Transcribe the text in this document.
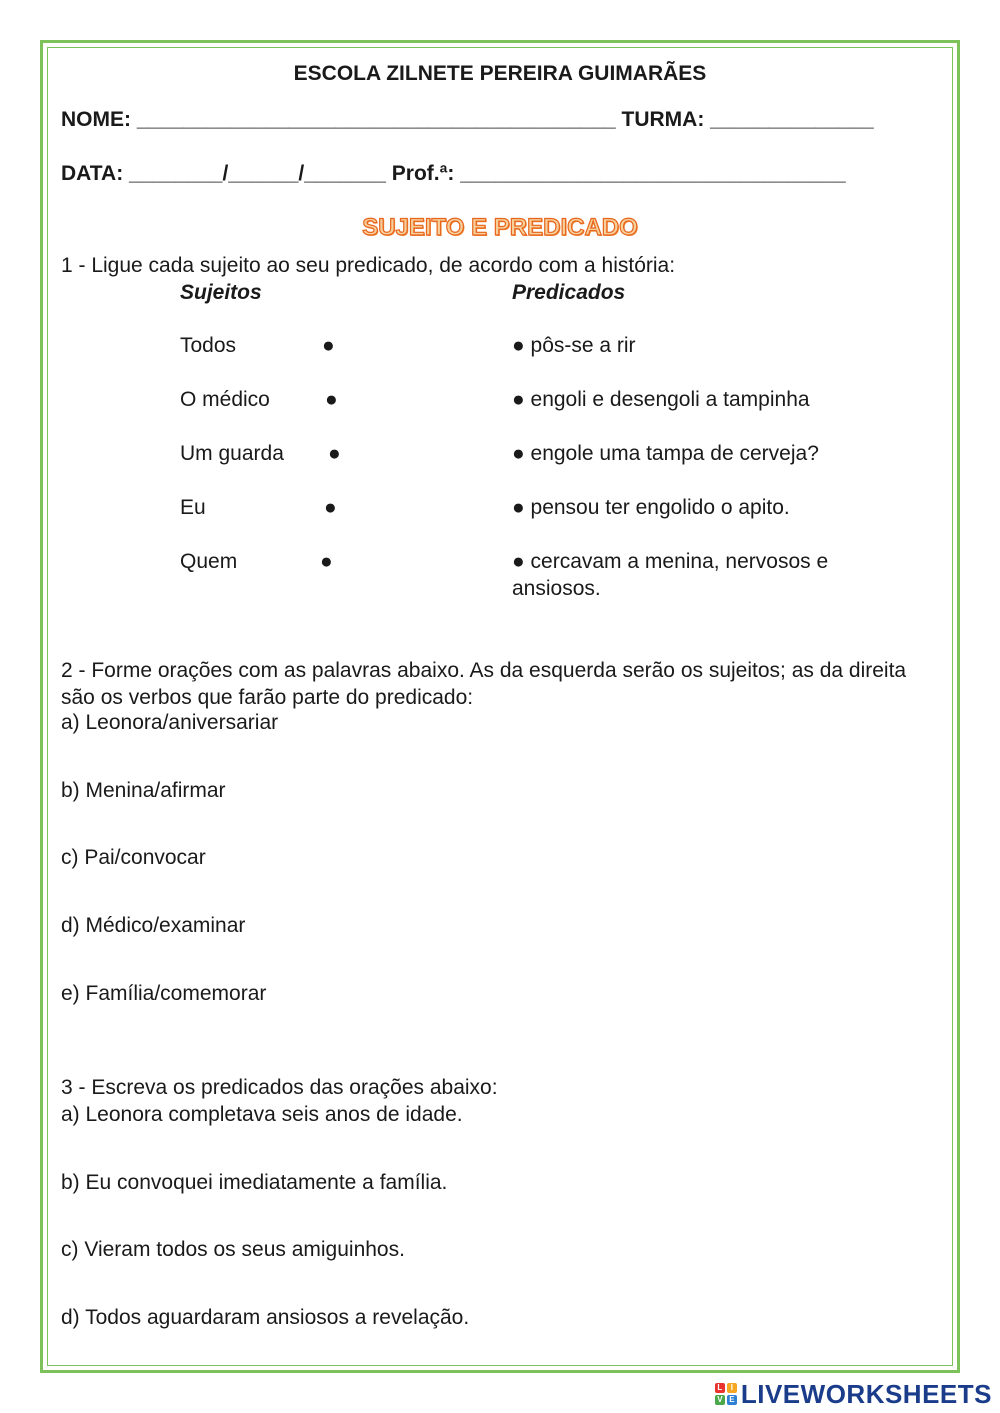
ESCOLA ZILNETE PEREIRA GUIMARÃES
NOME: _________________________________________ TURMA: ______________
DATA: ________/______/_______ Prof.ª: _________________________________
SUJEITO E PREDICADO
1 - Ligue cada sujeito ao seu predicado, de acordo com a história:
Sujeitos	Predicados
Todos	●	● pôs-se a rir
O médico	●	● engoli e desengoli a tampinha
Um guarda ●	● engole uma tampa de cerveja?
Eu	●	● pensou ter engolido o apito.
Quem	●	● cercavam a menina, nervosos e ansiosos.
2 - Forme orações com as palavras abaixo. As da esquerda serão os sujeitos; as da direita são os verbos que farão parte do predicado:
a) Leonora/aniversariar
b) Menina/afirmar
c) Pai/convocar
d) Médico/examinar
e) Família/comemorar
3 - Escreva os predicados das orações abaixo:
a) Leonora completava seis anos de idade.
b) Eu convoquei imediatamente a família.
c) Vieram todos os seus amiguinhos.
d) Todos aguardaram ansiosos a revelação.
L	I
V E LIVEWORKSHEETS
